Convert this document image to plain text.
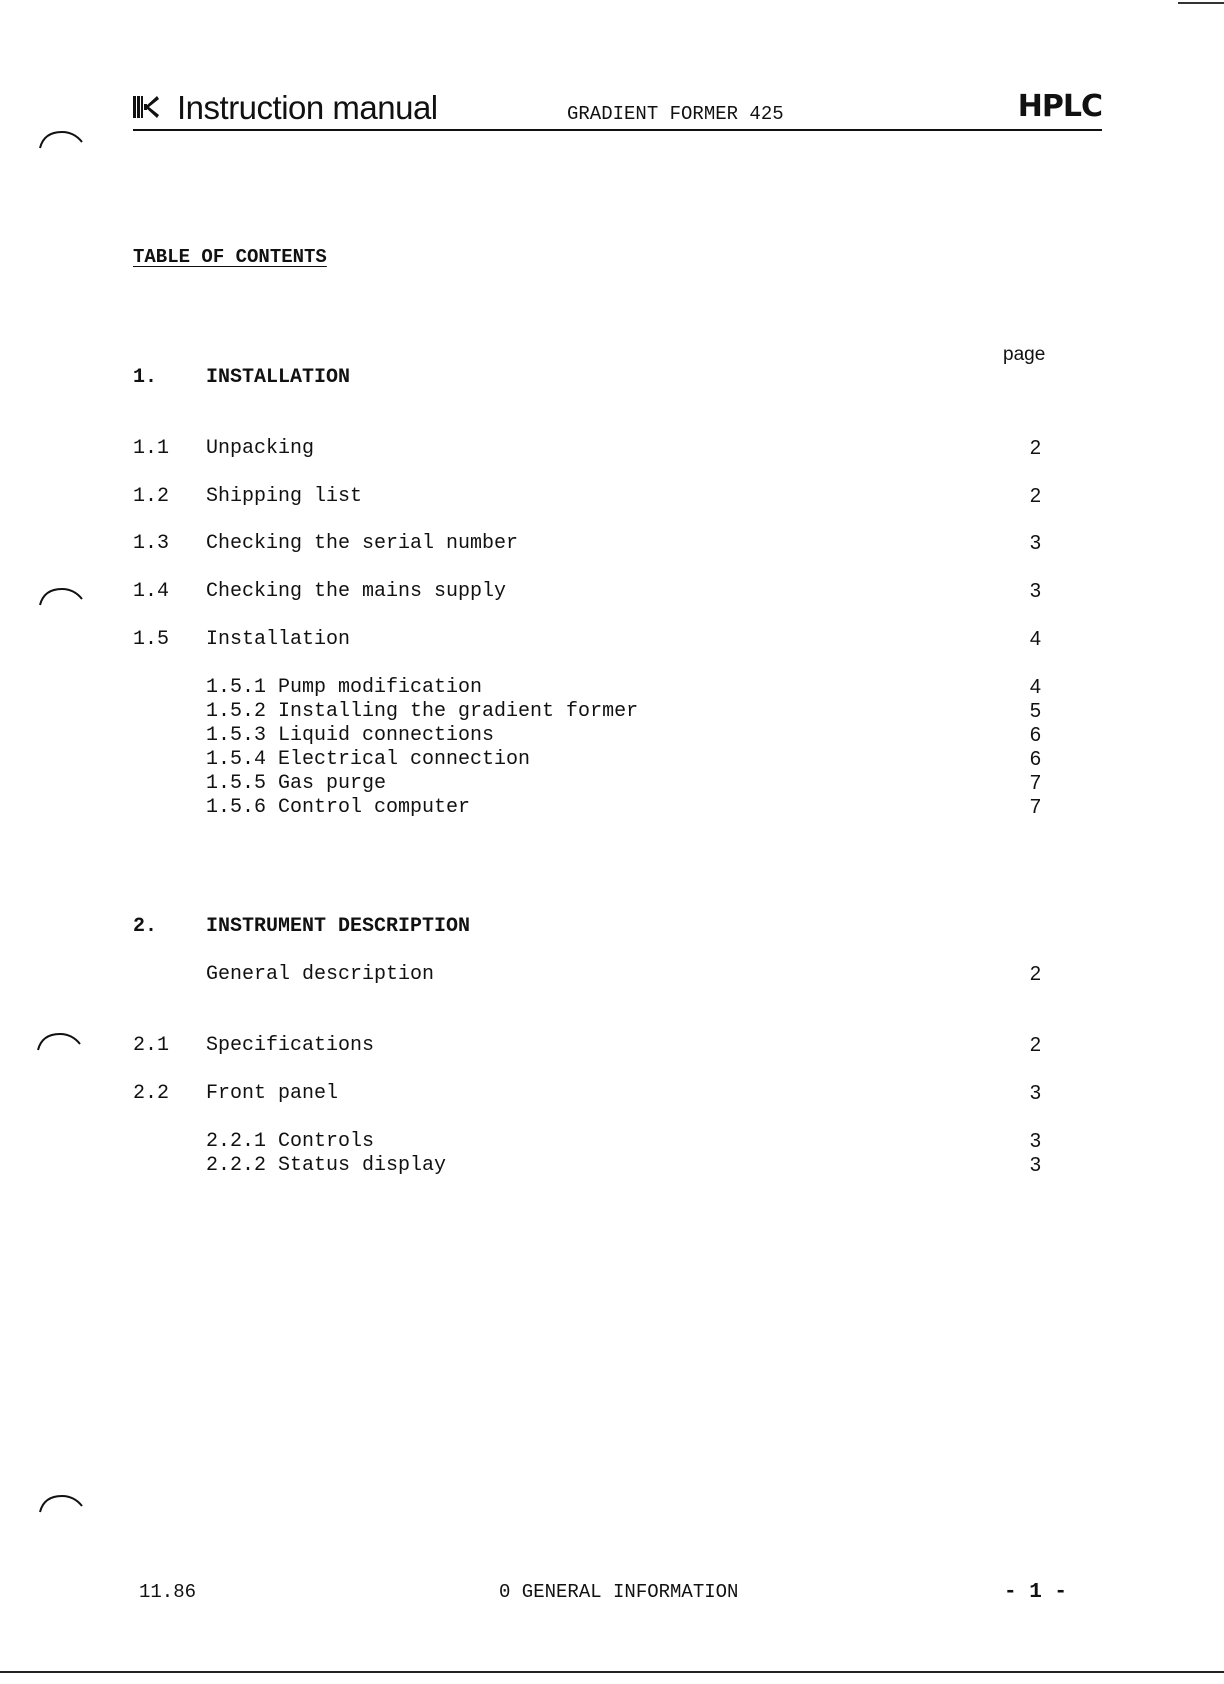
Instruction manual	GRADIENT FORMER 425	HPLC
TABLE OF CONTENTS
page
1. INSTALLATION
1.1 Unpacking	2
1.2 Shipping list	2
1.3 Checking the serial number	3
1.4 Checking the mains supply	3
1.5 Installation	4
1.5.1 Pump modification	4
1.5.2 Installing the gradient former	5
1.5.3 Liquid connections	6
1.5.4 Electrical connection	6
1.5.5 Gas purge	7
1.5.6 Control computer	7
2. INSTRUMENT DESCRIPTION
General description	2
2.1 Specifications	2
2.2 Front panel	3
2.2.1 Controls	3
2.2.2 Status display	3
11.86	0 GENERAL INFORMATION	- 1 -
